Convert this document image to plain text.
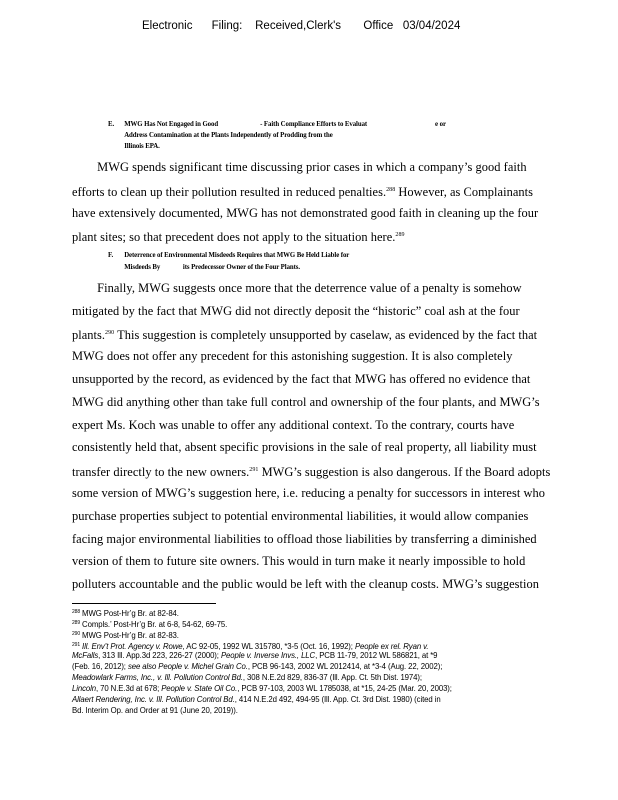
Electronic      Filing:    Received,Clerk's       Office   03/04/2024
E. MWG Has Not Engaged in Good                          - Faith Compliance Efforts to Evaluat                                          e or
Address Contamination at the Plants Independently of Prodding from the
Illinois EPA.
MWG spends significant time discussing prior cases in which a company’s good faith
efforts to clean up their pollution resulted in reduced penalties.$^{288}$ However, as Complainants
have extensively documented, MWG has not demonstrated good faith in cleaning up the four
plant sites; so that precedent does not apply to the situation here.$^{289}$
F. Deterrence of Environmental Misdeeds Requires that MWG Be Held Liable for
Misdeeds By              its Predecessor Owner of the Four Plants.
Finally, MWG suggests once more that the deterrence value of a penalty is somehow
mitigated by the fact that MWG did not directly deposit the “historic” coal ash at the four
plants.$^{290}$ This suggestion is completely unsupported by caselaw, as evidenced by the fact that
MWG does not offer any precedent for this astonishing suggestion. It is also completely
unsupported by the record, as evidenced by the fact that MWG has offered no evidence that
MWG did anything other than take full control and ownership of the four plants, and MWG’s
expert Ms. Koch was unable to offer any additional context. To the contrary, courts have
consistently held that, absent specific provisions in the sale of real property, all liability must
transfer directly to the new owners.$^{291}$ MWG’s suggestion is also dangerous. If the Board adopts
some version of MWG’s suggestion here, i.e. reducing a penalty for successors in interest who
purchase properties subject to potential environmental liabilities, it would allow companies
facing major environmental liabilities to offload those liabilities by transferring a diminished
version of them to future site owners. This would in turn make it nearly impossible to hold
polluters accountable and the public would be left with the cleanup costs. MWG’s suggestion
$^{288}$ MWG Post-Hr’g Br. at 82-84.
$^{289}$ Compls.’ Post-Hr’g Br. at 6-8, 54-62, 69-75.
$^{290}$ MWG Post-Hr’g Br. at 82-83.
$^{291}$ Ill. Env’t Prot. Agency v. Rowe, AC 92-05, 1992 WL 315780, *3-5 (Oct. 16, 1992); People ex rel. Ryan v.
McFalls, 313 Ill. App.3d 223, 226-27 (2000); People v. Inverse Invs., LLC, PCB 11-79, 2012 WL 586821, at *9
(Feb. 16, 2012); see also People v. Michel Grain Co., PCB 96-143, 2002 WL 2012414, at *3-4 (Aug. 22, 2002);
Meadowlark Farms, Inc., v. Ill. Pollution Control Bd., 308 N.E.2d 829, 836-37 (Ill. App. Ct. 5th Dist. 1974);
Lincoln, 70 N.E.3d at 678; People v. State Oil Co., PCB 97-103, 2003 WL 1785038, at *15, 24-25 (Mar. 20, 2003);
Allaert Rendering, Inc. v. Ill. Pollution Control Bd., 414 N.E.2d 492, 494-95 (Ill. App. Ct. 3rd Dist. 1980) (cited in
Bd. Interim Op. and Order at 91 (June 20, 2019)).
